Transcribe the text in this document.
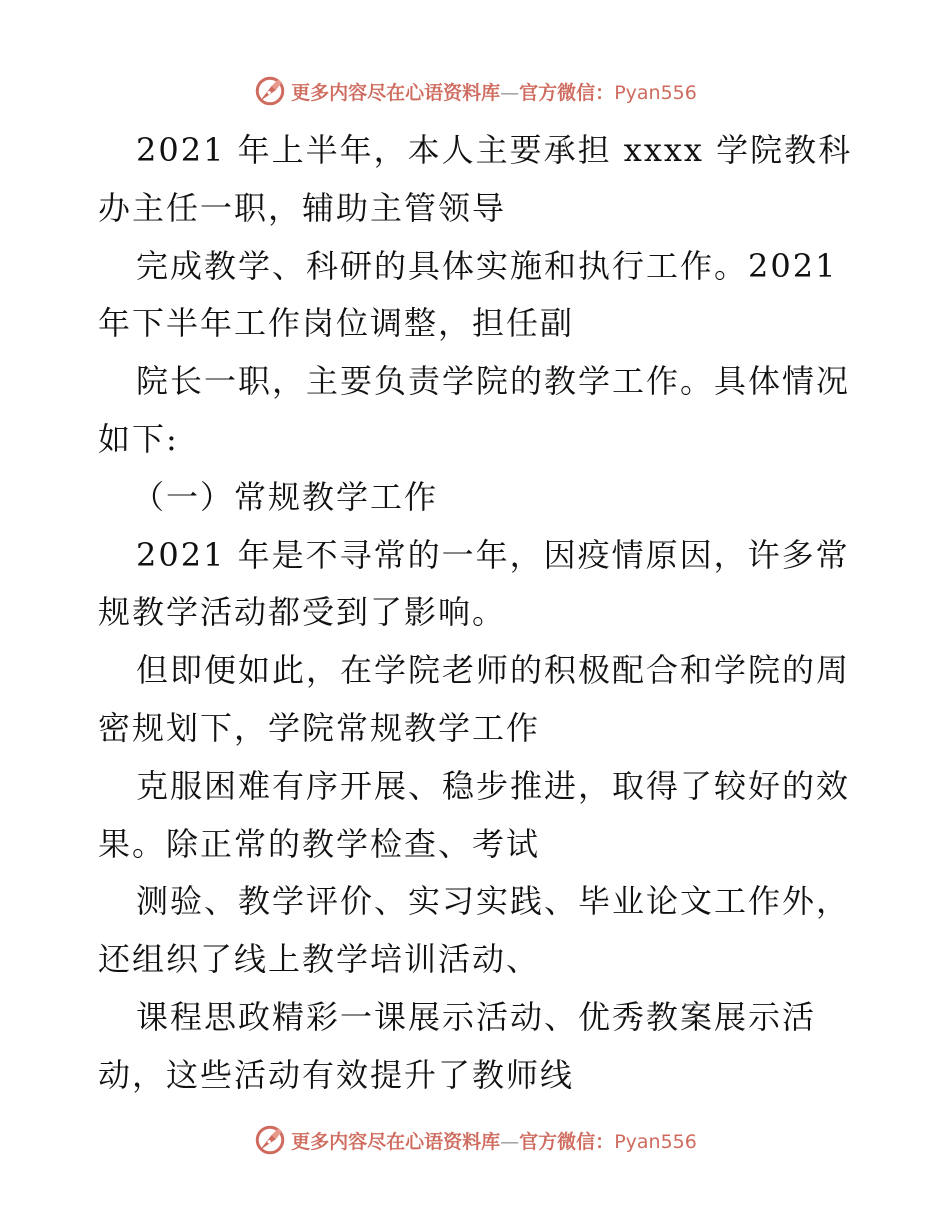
更多内容尽在心语资料库—官方微信：Pyan556
2021 年上半年，本人主要承担 xxxx 学院教科
办主任一职，辅助主管领导
完成教学、科研的具体实施和执行工作。2021
年下半年工作岗位调整，担任副
院长一职，主要负责学院的教学工作。具体情况
如下:
（一）常规教学工作
2021 年是不寻常的一年，因疫情原因，许多常
规教学活动都受到了影响。
但即便如此，在学院老师的积极配合和学院的周
密规划下，学院常规教学工作
克服困难有序开展、稳步推进，取得了较好的效
果。除正常的教学检查、考试
测验、教学评价、实习实践、毕业论文工作外，
还组织了线上教学培训活动、
课程思政精彩一课展示活动、优秀教案展示活
动，这些活动有效提升了教师线
更多内容尽在心语资料库—官方微信：Pyan556
